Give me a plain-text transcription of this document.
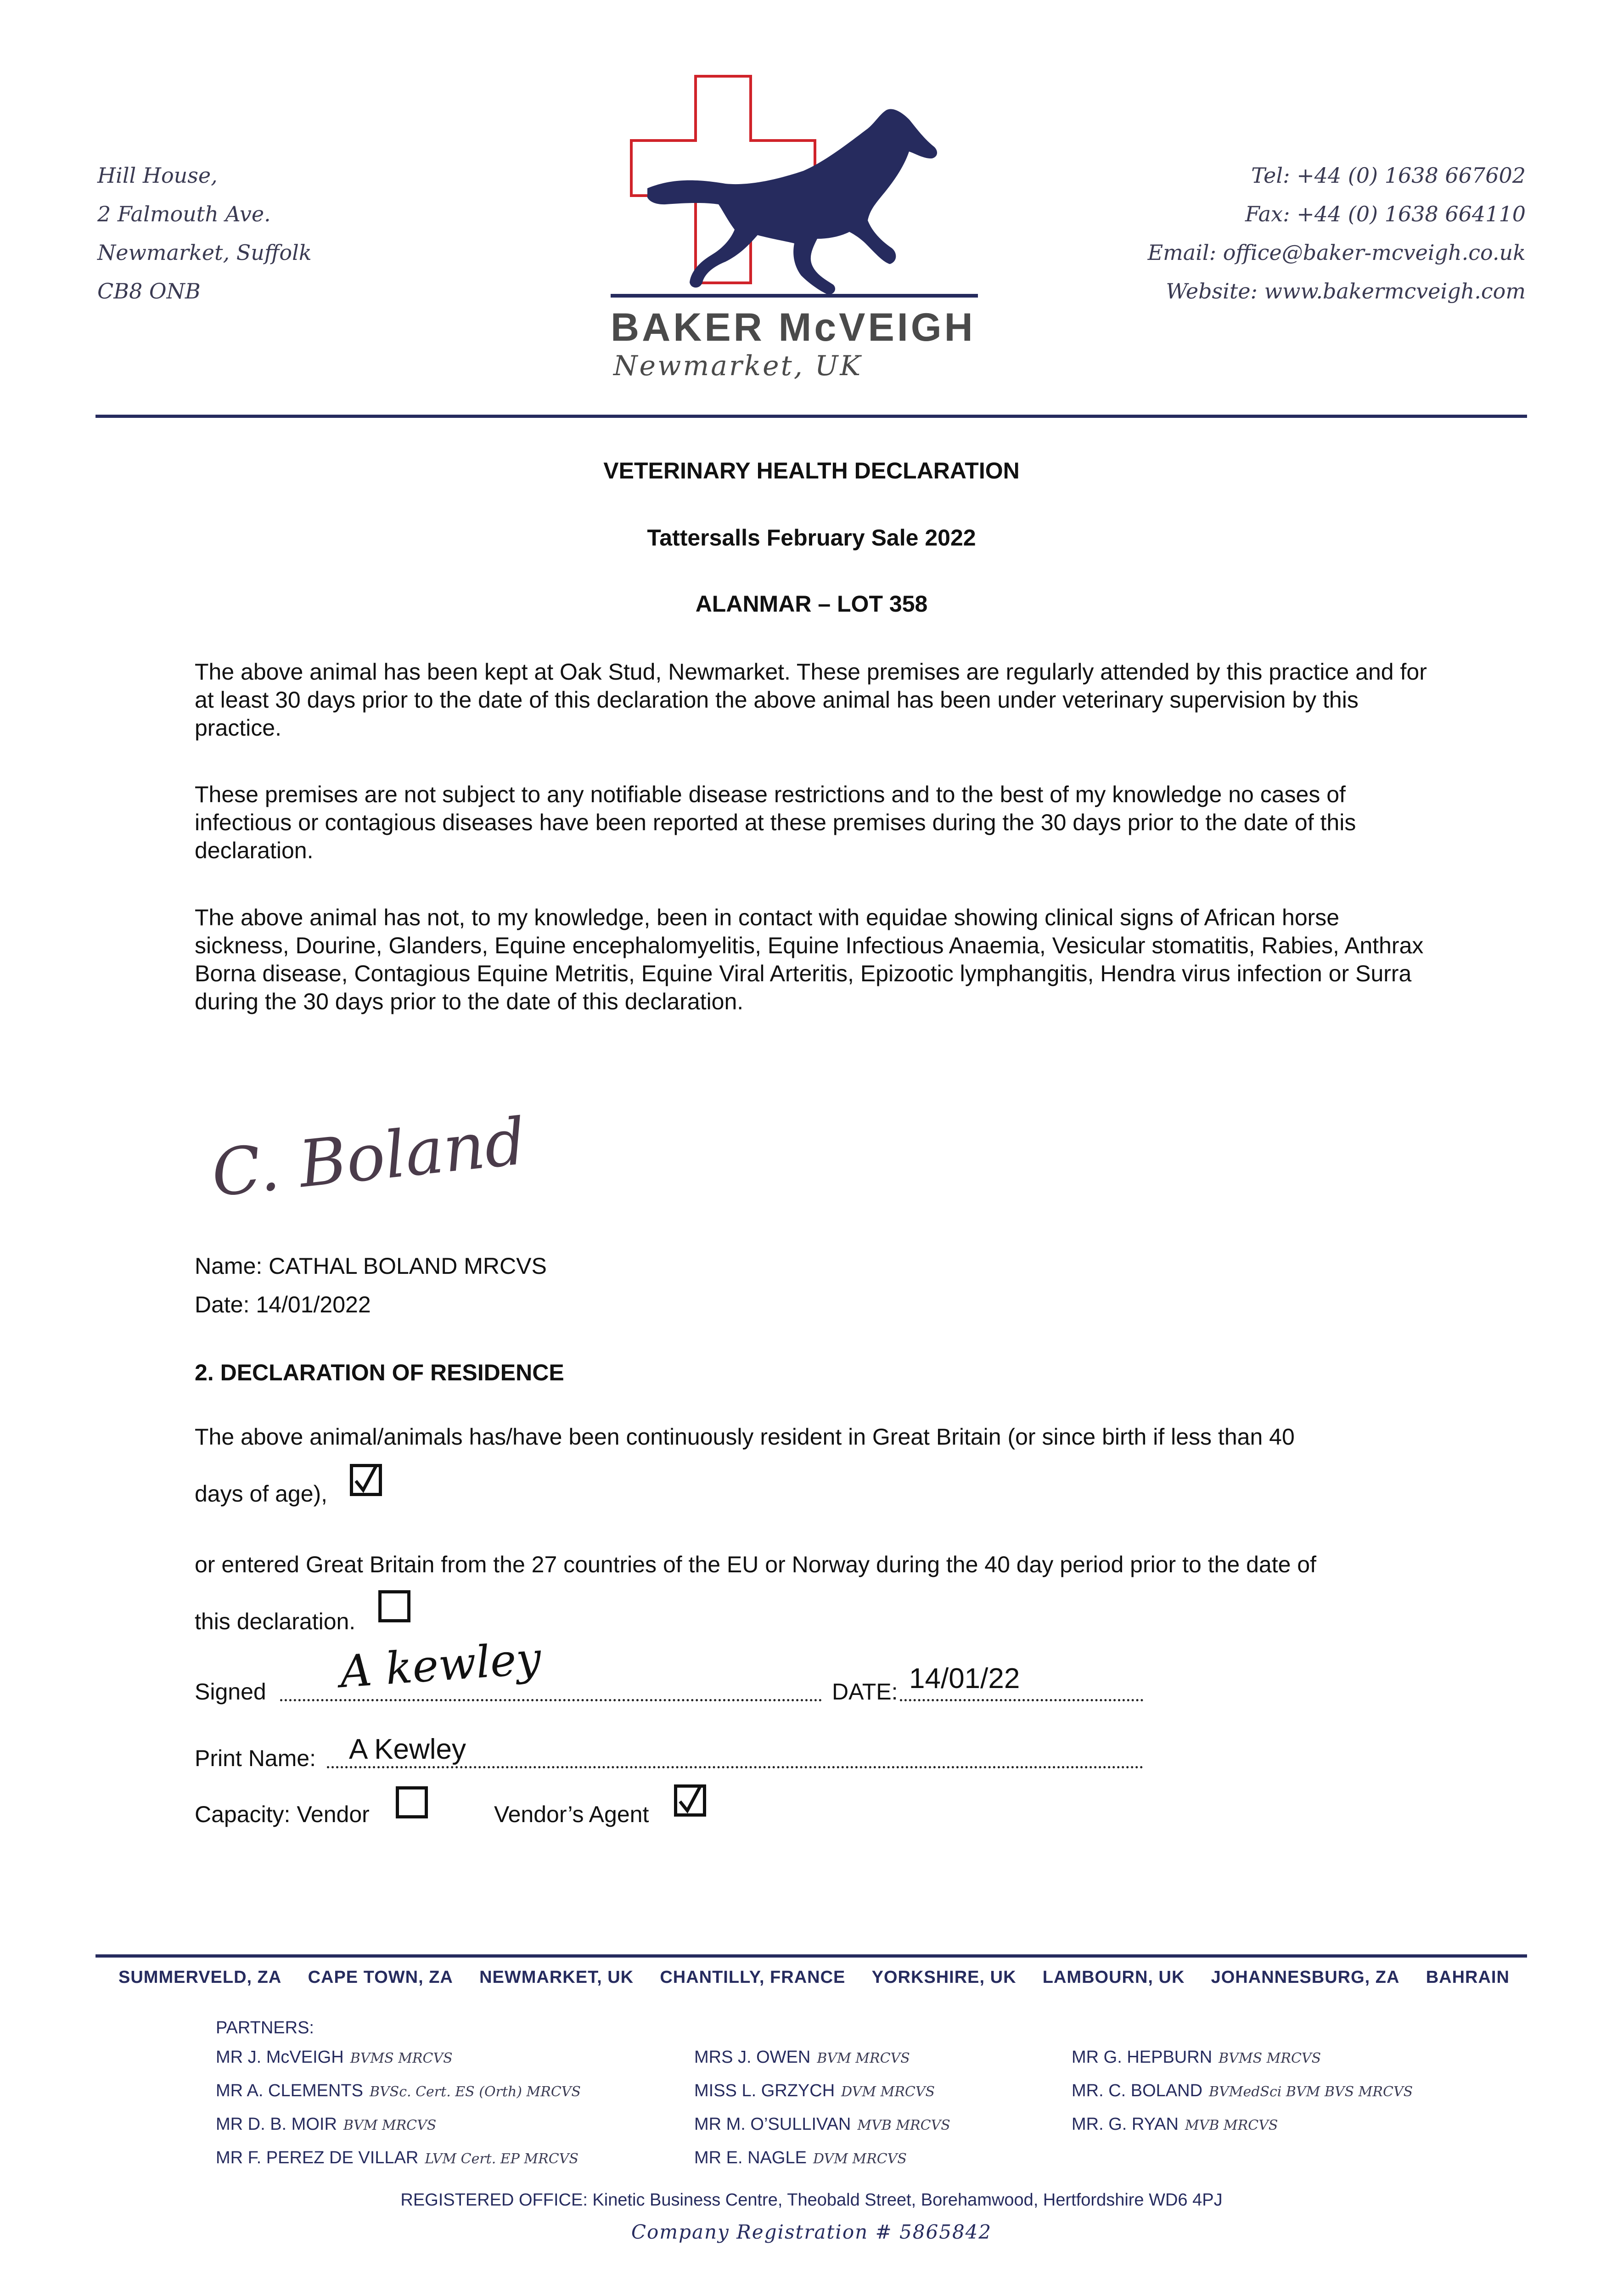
Hill House,
2 Falmouth Ave.
Newmarket, Suffolk
CB8 ONB
BAKER McVEIGH
Newmarket, UK
Tel: +44 (0) 1638 667602
Fax: +44 (0) 1638 664110
Email: office@baker-mcveigh.co.uk
Website: www.bakermcveigh.com
VETERINARY HEALTH DECLARATION
Tattersalls February Sale 2022
ALANMAR – LOT 358
The above animal has been kept at Oak Stud, Newmarket. These premises are regularly attended by this practice and for at least 30 days prior to the date of this declaration the above animal has been under veterinary supervision by this practice.
These premises are not subject to any notifiable disease restrictions and to the best of my knowledge no cases of infectious or contagious diseases have been reported at these premises during the 30 days prior to the date of this declaration.
The above animal has not, to my knowledge, been in contact with equidae showing clinical signs of African horse sickness, Dourine, Glanders, Equine encephalomyelitis, Equine Infectious Anaemia, Vesicular stomatitis, Rabies, Anthrax Borna disease, Contagious Equine Metritis, Equine Viral Arteritis, Epizootic lymphangitis, Hendra virus infection or Surra during the 30 days prior to the date of this declaration.
C. Boland
Name: CATHAL BOLAND MRCVS
Date: 14/01/2022
2. DECLARATION OF RESIDENCE
The above animal/animals has/have been continuously resident in Great Britain (or since birth if less than 40
days of age),
or entered Great Britain from the 27 countries of the EU or Norway during the 40 day period prior to the date of
this declaration.
Signed A kewley	DATE: 14/01/22
Print Name: A Kewley
Capacity: Vendor	Vendor’s Agent
SUMMERVELD, ZA CAPE TOWN, ZA NEWMARKET, UK CHANTILLY, FRANCE YORKSHIRE, UK LAMBOURN, UK JOHANNESBURG, ZA BAHRAIN
PARTNERS:
MR J. McVEIGH BVMS MRCVS
MR A. CLEMENTS BVSc. Cert. ES (Orth) MRCVS
MR D. B. MOIR BVM MRCVS
MR F. PEREZ DE VILLAR LVM Cert. EP MRCVS
MRS J. OWEN BVM MRCVS
MISS L. GRZYCH DVM MRCVS
MR M. O’SULLIVAN MVB MRCVS
MR E. NAGLE DVM MRCVS
MR G. HEPBURN BVMS MRCVS
MR. C. BOLAND BVMedSci BVM BVS MRCVS
MR. G. RYAN MVB MRCVS
REGISTERED OFFICE: Kinetic Business Centre, Theobald Street, Borehamwood, Hertfordshire WD6 4PJ
Company Registration # 5865842
